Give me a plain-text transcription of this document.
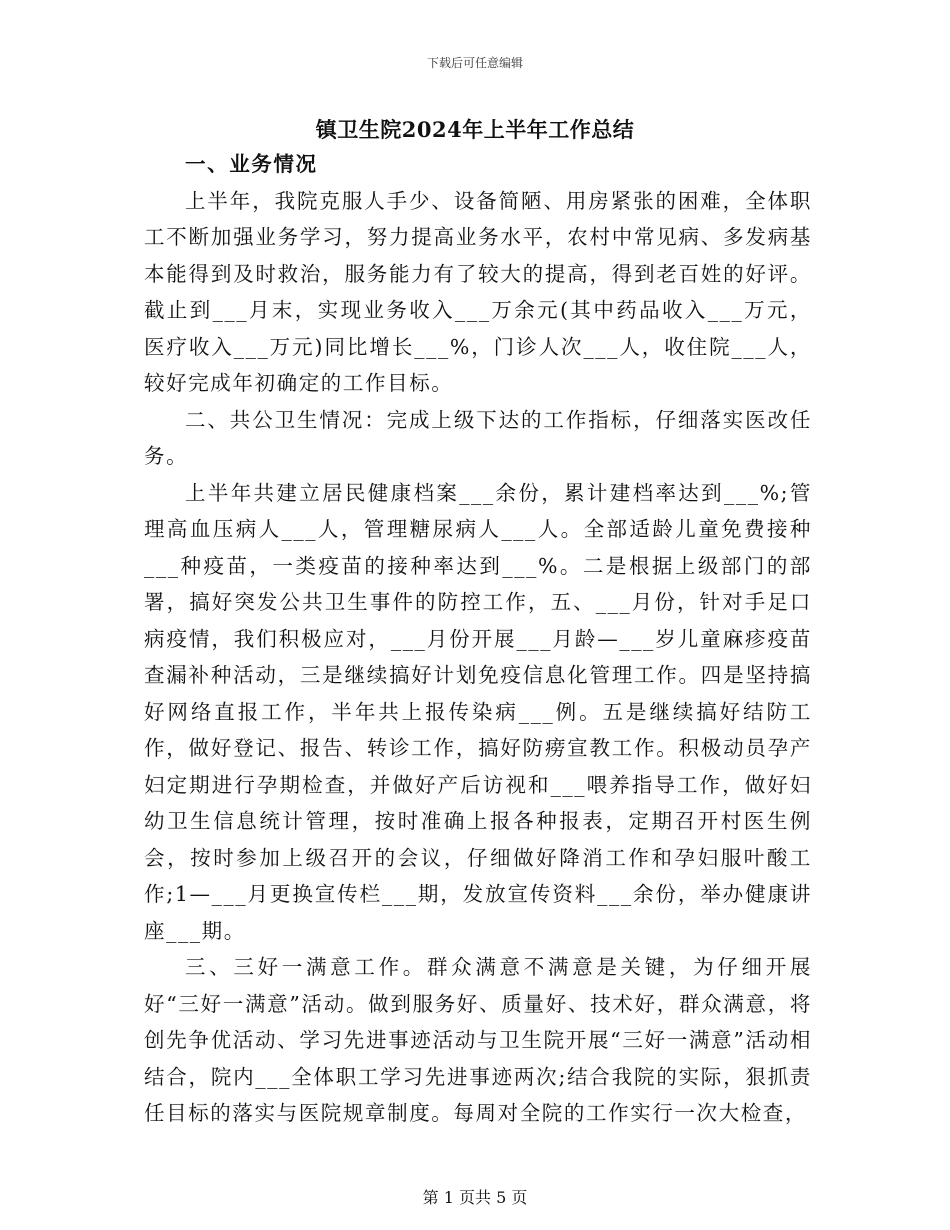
下载后可任意编辑
镇卫生院2024年上半年工作总结

一、业务情况

上半年，我院克服人手少、设备简陋、用房紧张的困难，全体职工不断加强业务学习，努力提高业务水平，农村中常见病、多发病基本能得到及时救治，服务能力有了较大的提高，得到老百姓的好评。截止到___月末，实现业务收入___万余元(其中药品收入___万元，医疗收入___万元)同比增长___%，门诊人次___人，收住院___人，较好完成年初确定的工作目标。

二、共公卫生情况：完成上级下达的工作指标，仔细落实医改任务。

上半年共建立居民健康档案___余份，累计建档率达到___%;管理高血压病人___人，管理糖尿病人___人。全部适龄儿童免费接种___种疫苗，一类疫苗的接种率达到___%。二是根据上级部门的部署，搞好突发公共卫生事件的防控工作，五、___月份，针对手足口病疫情，我们积极应对，___月份开展___月龄—___岁儿童麻疹疫苗查漏补种活动，三是继续搞好计划免疫信息化管理工作。四是坚持搞好网络直报工作，半年共上报传染病___例。五是继续搞好结防工作，做好登记、报告、转诊工作，搞好防痨宣教工作。积极动员孕产妇定期进行孕期检查，并做好产后访视和___喂养指导工作，做好妇幼卫生信息统计管理，按时准确上报各种报表，定期召开村医生例会，按时参加上级召开的会议，仔细做好降消工作和孕妇服叶酸工作;1—___月更换宣传栏___期，发放宣传资料___余份，举办健康讲座___期。

三、三好一满意工作。群众满意不满意是关键，为仔细开展好“三好一满意”活动。做到服务好、质量好、技术好，群众满意，将创先争优活动、学习先进事迹活动与卫生院开展“三好一满意”活动相结合，院内___全体职工学习先进事迹两次;结合我院的实际，狠抓责任目标的落实与医院规章制度。每周对全院的工作实行一次大检查，

第 1 页共 5 页
